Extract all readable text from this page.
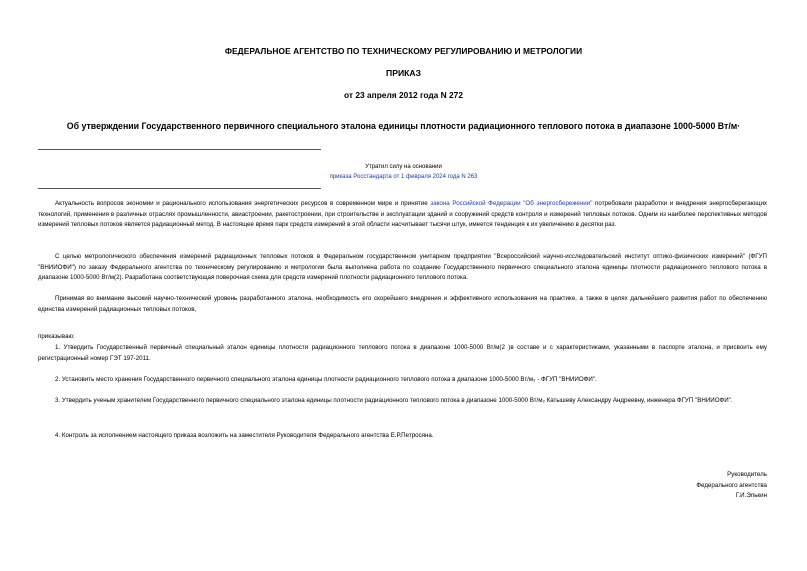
ФЕДЕРАЛЬНОЕ АГЕНТСТВО ПО ТЕХНИЧЕСКОМУ РЕГУЛИРОВАНИЮ И МЕТРОЛОГИИ
ПРИКАЗ
от 23 апреля 2012 года N 272
Об утверждении Государственного первичного специального эталона единицы плотности радиационного теплового потока в диапазоне 1000-5000 Вт/м·
Утратил силу на основании
приказа Росстандарта от 1 февраля 2024 года N 263
Актуальность вопросов экономии и рационального использования энергетических ресурсов в современном мире и принятие закона Российской Федерации "Об энергосбережении" потребовали разработки и внедрения энергосберегающих технологий, применения в различных отраслях промышленности, авиастроении, ракетостроении, при строительстве и эксплуатации зданий и сооружений средств контроля и измерений тепловых потоков. Одним из наиболее перспективных методов измерений тепловых потоков является радиационный метод. В настоящее время парк средств измерений в этой области насчитывает тысячи штук, имеется тенденция к их увеличению в десятки раз.
С целью метрологического обеспечения измерений радиационных тепловых потоков в Федеральном государственном унитарном предприятии "Всероссийский научно-исследовательский институт оптико-физических измерений" (ФГУП "ВНИИОФИ") по заказу Федерального агентства по техническому регулированию и метрологии была выполнена работа по созданию Государственного первичного специального эталона единицы плотности радиационного теплового потока в диапазоне 1000-5000 Вт/м(2). Разработана соответствующая поверочная схема для средств измерений плотности радиационного теплового потока.
Принимая во внимание высокий научно-технический уровень разработанного эталона, необходимость его скорейшего внедрения и эффективного использования на практике, а также в целях дальнейшего развития работ по обеспечению единства измерений радиационных тепловых потоков,
приказываю:
1. Утвердить Государственный первичный специальный эталон единицы плотности радиационного теплового потока в диапазоне 1000-5000 Вт/м(2 )в составе и с характеристиками, указанными в паспорте эталона, и присвоить ему регистрационный номер ГЭТ 197-2011.
2. Установить место хранения Государственного первичного специального эталона единицы плотности радиационного теплового потока в диапазоне 1000-5000 Вт/м₂ - ФГУП "ВНИИОФИ".
3. Утвердить ученым хранителем Государственного первичного специального эталона единицы плотности радиационного теплового потока в диапазоне 1000-5000 Вт/м₂ Катышеву Александру Андреевну, инженера ФГУП "ВНИИОФИ".
4. Контроль за исполнением настоящего приказа возложить на заместителя Руководителя Федерального агентства Е.Р.Петросяна.
Руководитель
Федерального агентства
Г.И.Элькин
